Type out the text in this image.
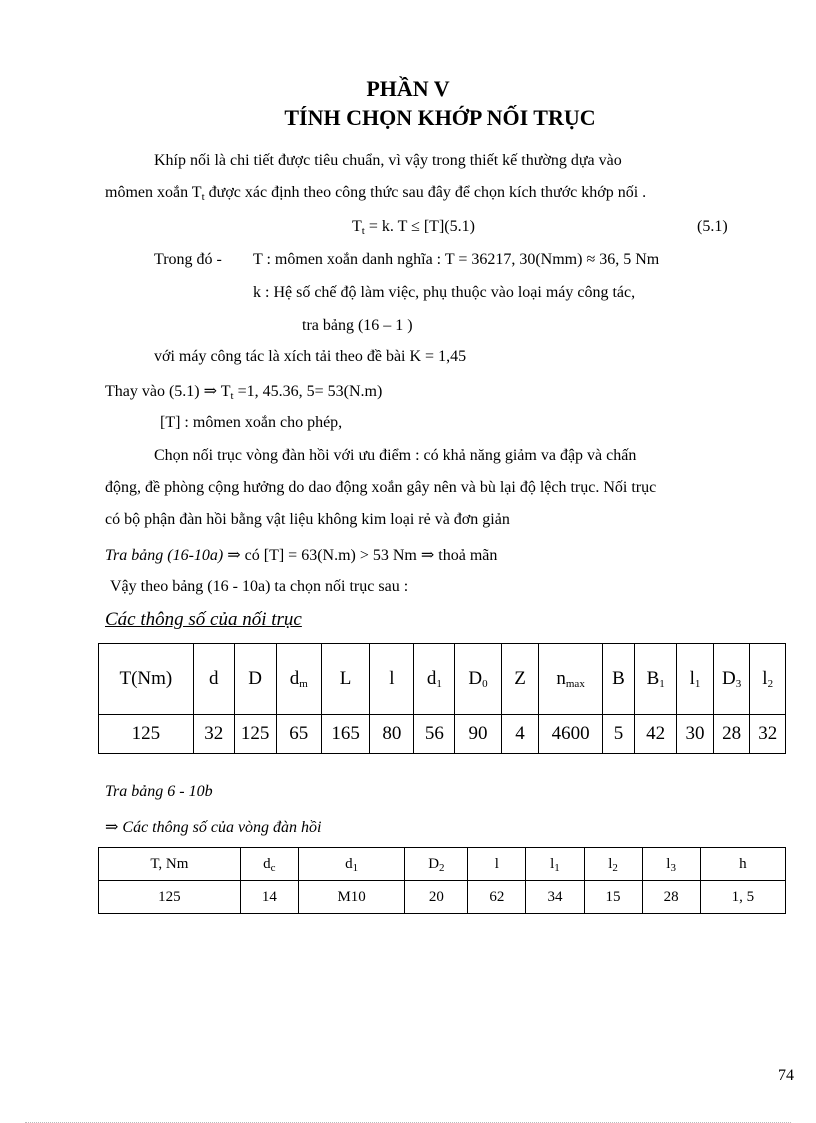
PHẦN V
TÍNH CHỌN KHỚP NỐI TRỤC
Khíp nối là chi tiết được tiêu chuẩn, vì vậy trong thiết kế thường dựa vào
mômen xoắn $T_t$ được xác định theo công thức sau đây để chọn kích thước khớp nối .
$T_t = k$. T ≤ [T](5.1)	(5.1)
Trong đó - T : mômen xoắn danh nghĩa : T = 36217, 30(Nmm) ≈ 36, 5 Nm
k : Hệ số chế độ làm việc, phụ thuộc vào loại máy công tác,
tra bảng (16 – 1 )
với máy công tác là xích tải theo đề bài K = 1,45
Thay vào (5.1) ⇒ $T_t =1$, 45.36, 5= 53(N.m)
[T] : mômen xoắn cho phép,
Chọn nối trục vòng đàn hồi với ưu điểm : có khả năng giảm va đập và chấn
động, đề phòng cộng hưởng do dao động xoắn gây nên và bù lại độ lệch trục. Nối trục
có bộ phận đàn hồi bằng vật liệu không kim loại rẻ và đơn giản
Tra bảng (16-10a) ⇒ có [T] = 63(N.m) > 53 Nm ⇒ thoả mãn
Vậy theo bảng (16 - 10a) ta chọn nối trục sau :
Các thông số của nối trục
T(Nm)	d	D	$d_m$	L	l	$d_1$	$D_0$	Z	$n_{max}$	B	$B_1$	$l_1$	$D_3$	$l_2$
125	32	125	65	165	80	56	90	4	4600	5	42	30	28	32
Tra bảng 6 - 10b
⇒ Các thông số của vòng đàn hồi
T, Nm	$d_c$	$d_1$	$D_2$	l	$l_1$	$l_2$	$l_3$	h
125	14	M10	20	62	34	15	28	1, 5
74
